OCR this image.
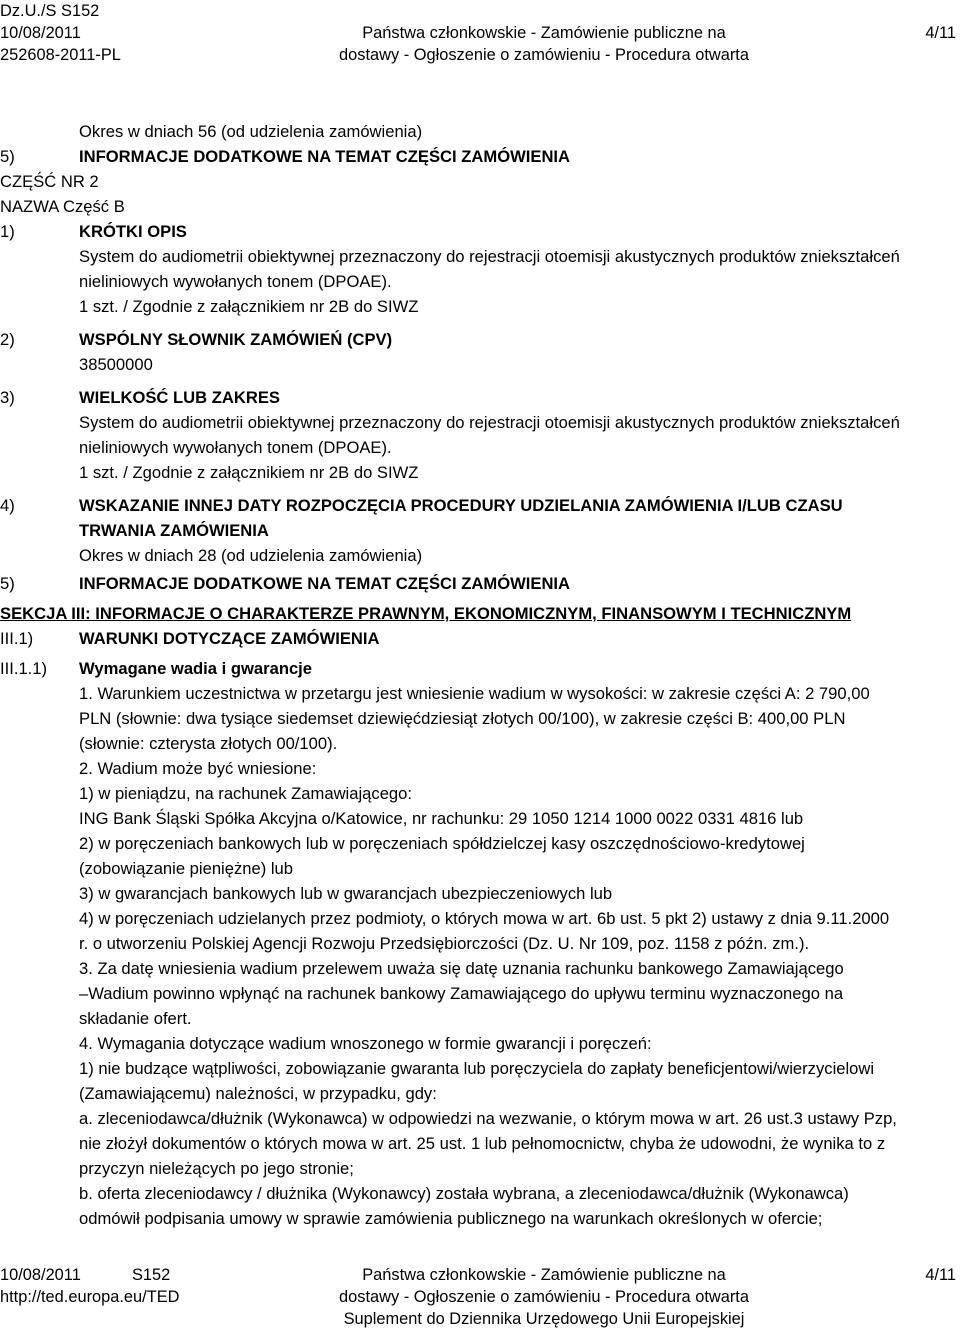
Dz.U./S S152
10/08/2011
252608-2011-PL
Państwa członkowskie - Zamówienie publiczne na
dostawy - Ogłoszenie o zamówieniu - Procedura otwarta
4/11
Okres w dniach 56 (od udzielenia zamówienia)
5)	INFORMACJE DODATKOWE NA TEMAT CZĘŚCI ZAMÓWIENIA
CZĘŚĆ NR 2
NAZWA Część B
1)	KRÓTKI OPIS
System do audiometrii obiektywnej przeznaczony do rejestracji otoemisji akustycznych produktów zniekształceń
nieliniowych wywołanych tonem (DPOAE).
1 szt. / Zgodnie z załącznikiem nr 2B do SIWZ
2)	WSPÓLNY SŁOWNIK ZAMÓWIEŃ (CPV)
38500000
3)	WIELKOŚĆ LUB ZAKRES
System do audiometrii obiektywnej przeznaczony do rejestracji otoemisji akustycznych produktów zniekształceń
nieliniowych wywołanych tonem (DPOAE).
1 szt. / Zgodnie z załącznikiem nr 2B do SIWZ
4)	WSKAZANIE INNEJ DATY ROZPOCZĘCIA PROCEDURY UDZIELANIA ZAMÓWIENIA I/LUB CZASU
TRWANIA ZAMÓWIENIA
Okres w dniach 28 (od udzielenia zamówienia)
5)	INFORMACJE DODATKOWE NA TEMAT CZĘŚCI ZAMÓWIENIA
SEKCJA III: INFORMACJE O CHARAKTERZE PRAWNYM, EKONOMICZNYM, FINANSOWYM I TECHNICZNYM
III.1)	WARUNKI DOTYCZĄCE ZAMÓWIENIA
III.1.1) Wymagane wadia i gwarancje
1. Warunkiem uczestnictwa w przetargu jest wniesienie wadium w wysokości: w zakresie części A: 2 790,00
PLN (słownie: dwa tysiące siedemset dziewięćdziesiąt złotych 00/100), w zakresie części B: 400,00 PLN
(słownie: czterysta złotych 00/100).
2. Wadium może być wniesione:
1) w pieniądzu, na rachunek Zamawiającego:
ING Bank Śląski Spółka Akcyjna o/Katowice, nr rachunku: 29 1050 1214 1000 0022 0331 4816 lub
2) w poręczeniach bankowych lub w poręczeniach spółdzielczej kasy oszczędnościowo-kredytowej
(zobowiązanie pieniężne) lub
3) w gwarancjach bankowych lub w gwarancjach ubezpieczeniowych lub
4) w poręczeniach udzielanych przez podmioty, o których mowa w art. 6b ust. 5 pkt 2) ustawy z dnia 9.11.2000
r. o utworzeniu Polskiej Agencji Rozwoju Przedsiębiorczości (Dz. U. Nr 109, poz. 1158 z późn. zm.).
3. Za datę wniesienia wadium przelewem uważa się datę uznania rachunku bankowego Zamawiającego
–Wadium powinno wpłynąć na rachunek bankowy Zamawiającego do upływu terminu wyznaczonego na
składanie ofert.
4. Wymagania dotyczące wadium wnoszonego w formie gwarancji i poręczeń:
1) nie budzące wątpliwości, zobowiązanie gwaranta lub poręczyciela do zapłaty beneficjentowi/wierzycielowi
(Zamawiającemu) należności, w przypadku, gdy:
a. zleceniodawca/dłużnik (Wykonawca) w odpowiedzi na wezwanie, o którym mowa w art. 26 ust.3 ustawy Pzp,
nie złożył dokumentów o których mowa w art. 25 ust. 1 lub pełnomocnictw, chyba że udowodni, że wynika to z
przyczyn nieleżących po jego stronie;
b. oferta zleceniodawcy / dłużnika (Wykonawcy) została wybrana, a zleceniodawca/dłużnik (Wykonawca)
odmówił podpisania umowy w sprawie zamówienia publicznego na warunkach określonych w ofercie;
10/08/2011	S152
http://ted.europa.eu/TED
Państwa członkowskie - Zamówienie publiczne na
dostawy - Ogłoszenie o zamówieniu - Procedura otwarta
Suplement do Dziennika Urzędowego Unii Europejskiej
4/11
